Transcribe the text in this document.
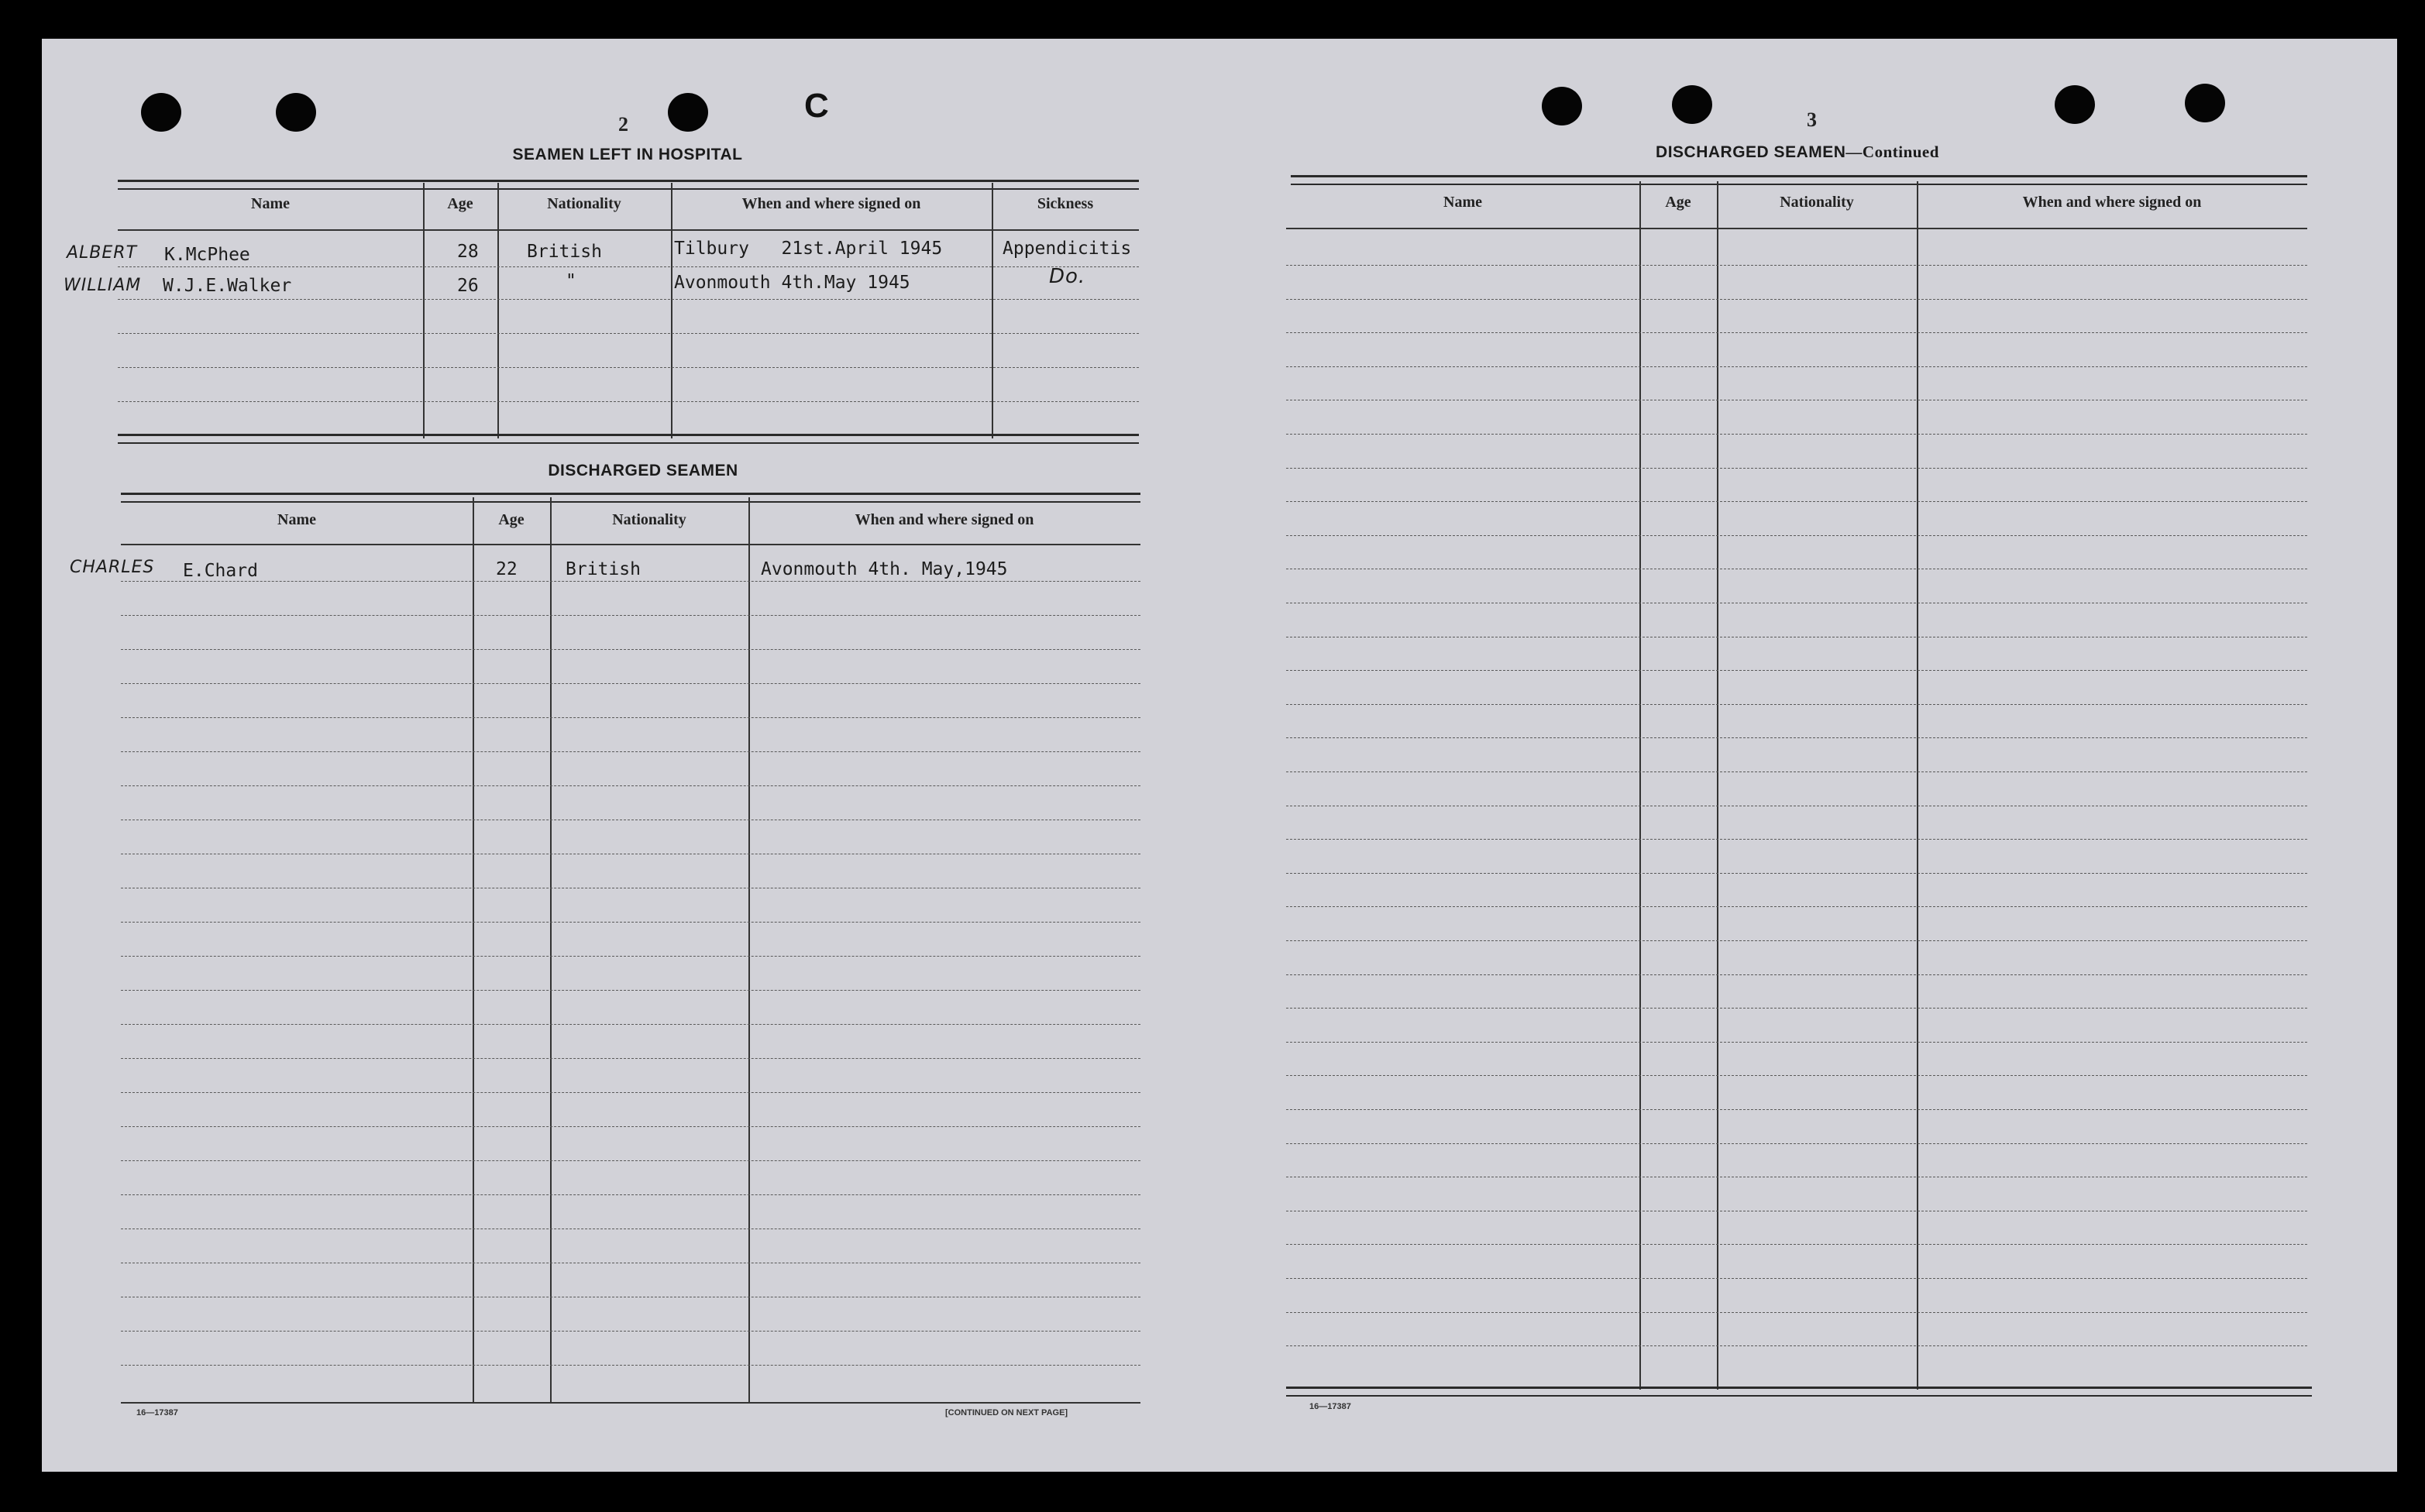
C
2
SEAMEN LEFT IN HOSPITAL
Name	Age	Nationality	When and where signed on	Sickness
ALBERT K.McPhee	28	British	Tilbury   21st.April 1945	Appendicitis
WILLIAM W.J.E.Walker	26	"	Avonmouth 4th.May 1945	Do.
DISCHARGED SEAMEN
Name	Age	Nationality	When and where signed on
CHARLES E.Chard	22	British	Avonmouth 4th. May,1945
16—17387	[CONTINUED ON NEXT PAGE]
3
DISCHARGED SEAMEN—Continued
Name	Age	Nationality	When and where signed on
16—17387
